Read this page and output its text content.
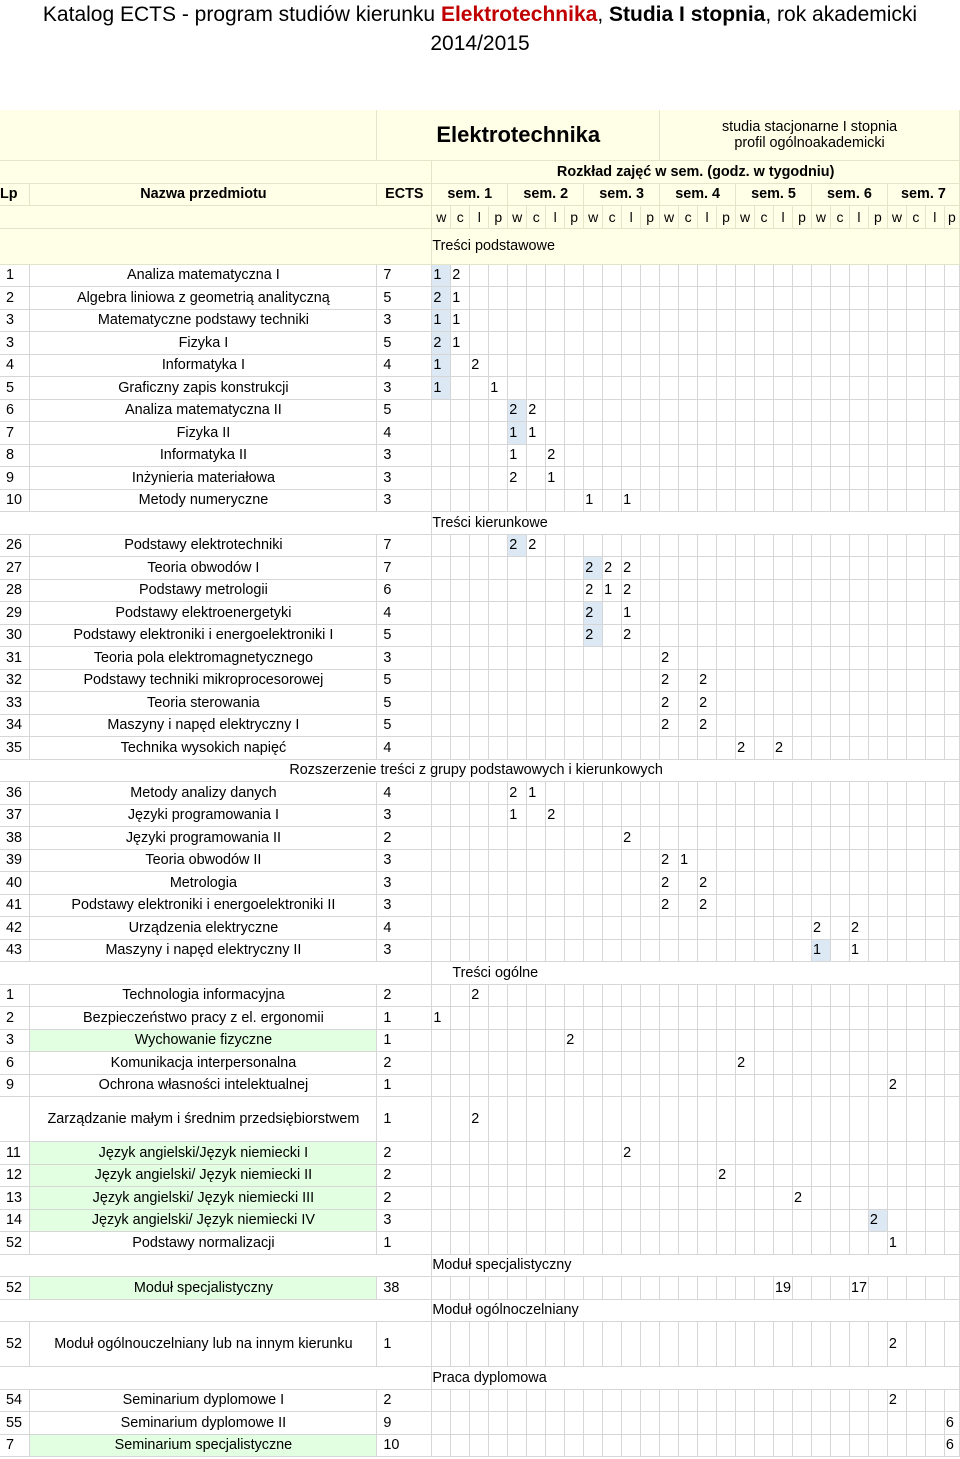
Katalog ECTS - program studiów kierunku Elektrotechnika, Studia I stopnia, rok akademicki 2014/2015
		Elektrotechnika													studia stacjonarne I stopnia
profil ogólnoakademicki															

			Rozkład zajęć w sem. (godz. w tygodniu)																											
Lp	Nazwa przedmiotu	ECTS	sem. 1				sem. 2				sem. 3				sem. 4				sem. 5				sem. 6				sem. 7			
			w	c	l	p	w	c	l	p	w	c	l	p	w	c	l	p	w	c	l	p	w	c	l	p	w	c	l	p

			Treści podstawowe																											

1	Analiza matematyczna I	7	1	2																										
2	Algebra liniowa z geometrią analityczną	5	2	1																										
3	Matematyczne podstawy techniki	3	1	1																										
3	Fizyka I	5	2	1																										
4	Informatyka I	4	1		2																									
5	Graficzny zapis konstrukcji	3	1			1																								
6	Analiza matematyczna II	5					2	2																						
7	Fizyka II	4					1	1																						
8	Informatyka II	3					1		2																					
9	Inżynieria materiałowa	3					2		1																					
10	Metody numeryczne	3									1		1																	

			Treści kierunkowe																											

26	Podstawy elektrotechniki	7					2	2																						
27	Teoria obwodów I	7									2	2	2																	
28	Podstawy metrologii	6									2	1	2																	
29	Podstawy elektroenergetyki	4									2		1																	
30	Podstawy elektroniki i energoelektroniki I	5									2		2																	
31	Teoria pola elektromagnetycznego	3													2															
32	Podstawy techniki mikroprocesorowej	5													2		2													
33	Teoria sterowania	5													2		2													
34	Maszyny i napęd elektryczny I	5													2		2													
35	Technika wysokich napięć	4																	2		2									

			Rozszerzenie treści z grupy podstawowych i kierunkowych																											

36	Metody analizy danych	4					2	1																						
37	Języki programowania I	3					1		2																					
38	Języki programowania II	2											2																	
39	Teoria obwodów II	3													2	1														
40	Metrologia	3													2		2													
41	Podstawy elektroniki i energoelektroniki II	3													2		2													
42	Urządzenia elektryczne	4																					2		2					
43	Maszyny i napęd elektryczny II	3																					1		1					

			Treści ogólne																											

1	Technologia informacyjna	2			2																									
2	Bezpieczeństwo pracy z el. ergonomii	1	1																											
3	Wychowanie fizyczne	1								2																				
6	Komunikacja interpersonalna	2																	2											
9	Ochrona własności intelektualnej	1																									2			
	Zarządzanie małym i średnim przedsiębiorstwem	1			2																									
11	Język angielski/Język niemiecki I	2											2																	
12	Język angielski/ Język niemiecki II	2																2												
13	Język angielski/ Język niemiecki III	2																				2								
14	Język angielski/ Język niemiecki IV	3																								2				
52	Podstawy normalizacji	1																									1			

			Moduł specjalistyczny																											

52	Moduł specjalistyczny	38																			19				17					

			Moduł ogólnoczelniany																											

52	Moduł ogólnouczelniany lub na innym kierunku	1																									2			

			Praca dyplomowa																											

54	Seminarium dyplomowe I	2																									2			
55	Seminarium dyplomowe II	9																												6
7	Seminarium specjalistyczne	10																												6
